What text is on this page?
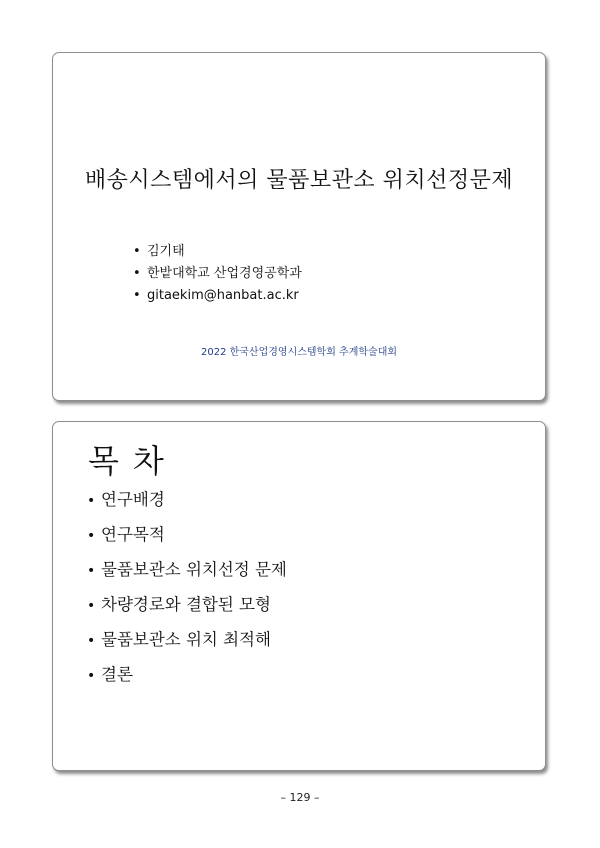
배송시스템에서의 물품보관소 위치선정문제
• 김기태
• 한밭대학교 산업경영공학과
• gitaekim@hanbat.ac.kr
2022 한국산업경영시스템학회 추계학술대회
목차
• 연구배경
• 연구목적
• 물품보관소 위치선정 문제
• 차량경로와 결합된 모형
• 물품보관소 위치 최적해
• 결론
– 129 –
